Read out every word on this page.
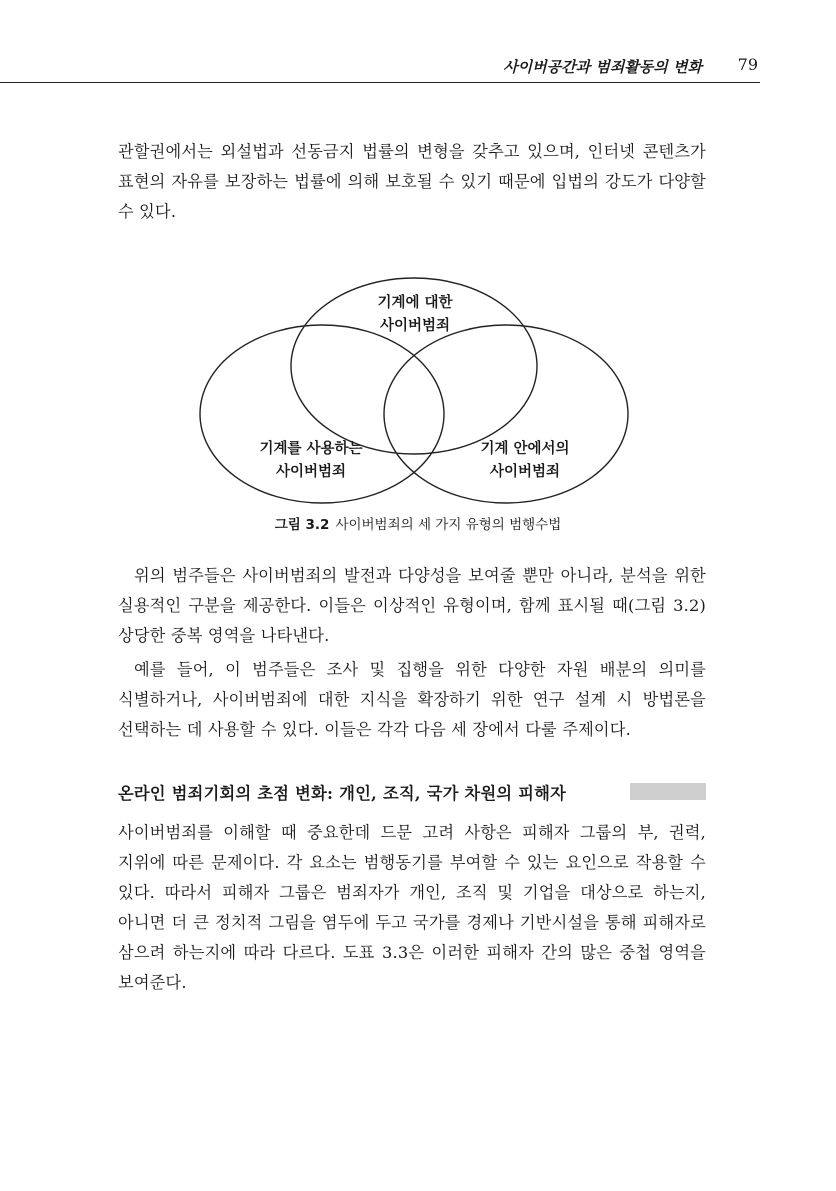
사이버공간과 범죄활동의 변화 79

관할권에서는 외설법과 선동금지 법률의 변형을 갖추고 있으며, 인터넷 콘텐츠가 표현의 자유를 보장하는 법률에 의해 보호될 수 있기 때문에 입법의 강도가 다양할 수 있다.

기계에 대한
사이버범죄
기계를 사용하는
사이버범죄
기계 안에서의
사이버범죄
그림 3.2 사이버범죄의 세 가지 유형의 범행수법

위의 범주들은 사이버범죄의 발전과 다양성을 보여줄 뿐만 아니라, 분석을 위한 실용적인 구분을 제공한다. 이들은 이상적인 유형이며, 함께 표시될 때(그림 3.2) 상당한 중복 영역을 나타낸다.

예를 들어, 이 범주들은 조사 및 집행을 위한 다양한 자원 배분의 의미를 식별하거나, 사이버범죄에 대한 지식을 확장하기 위한 연구 설계 시 방법론을 선택하는 데 사용할 수 있다. 이들은 각각 다음 세 장에서 다룰 주제이다.

온라인 범죄기회의 초점 변화: 개인, 조직, 국가 차원의 피해자

사이버범죄를 이해할 때 중요한데 드문 고려 사항은 피해자 그룹의 부, 권력, 지위에 따른 문제이다. 각 요소는 범행동기를 부여할 수 있는 요인으로 작용할 수 있다. 따라서 피해자 그룹은 범죄자가 개인, 조직 및 기업을 대상으로 하는지, 아니면 더 큰 정치적 그림을 염두에 두고 국가를 경제나 기반시설을 통해 피해자로 삼으려 하는지에 따라 다르다. 도표 3.3은 이러한 피해자 간의 많은 중첩 영역을 보여준다.
